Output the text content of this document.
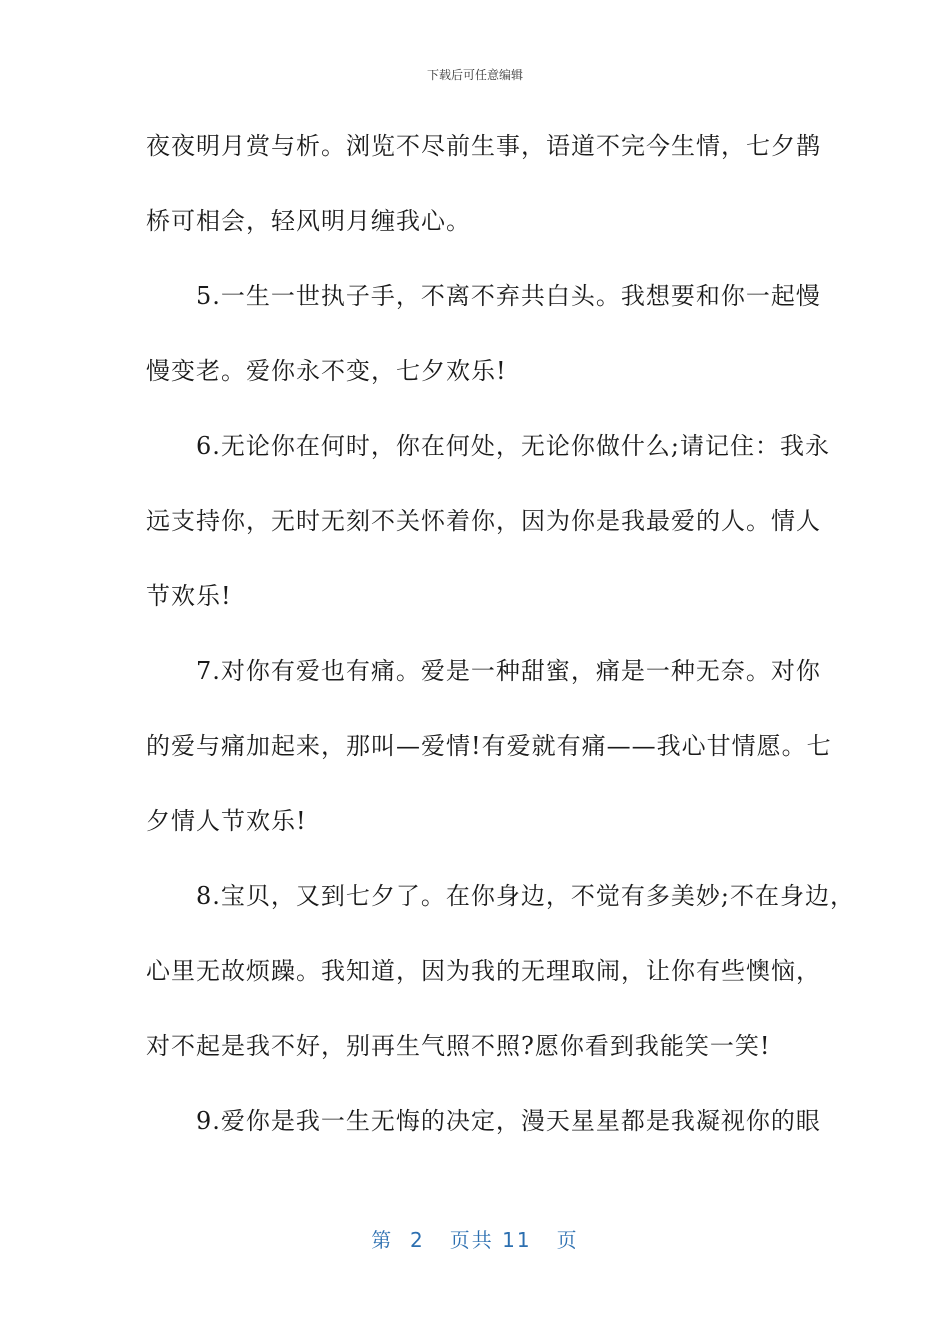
下载后可任意编辑
夜夜明月赏与析。浏览不尽前生事，语道不完今生情，七夕鹊
桥可相会，轻风明月缠我心。
　　5.一生一世执子手，不离不弃共白头。我想要和你一起慢
慢变老。爱你永不变，七夕欢乐!
　　6.无论你在何时，你在何处，无论你做什么;请记住：我永
远支持你，无时无刻不关怀着你，因为你是我最爱的人。情人
节欢乐!
　　7.对你有爱也有痛。爱是一种甜蜜，痛是一种无奈。对你
的爱与痛加起来，那叫—爱情!有爱就有痛——我心甘情愿。七
夕情人节欢乐!
　　8.宝贝，又到七夕了。在你身边，不觉有多美妙;不在身边，
心里无故烦躁。我知道，因为我的无理取闹，让你有些懊恼，
对不起是我不好，别再生气照不照?愿你看到我能笑一笑!
　　9.爱你是我一生无悔的决定，漫天星星都是我凝视你的眼
第  2   页共 11   页
